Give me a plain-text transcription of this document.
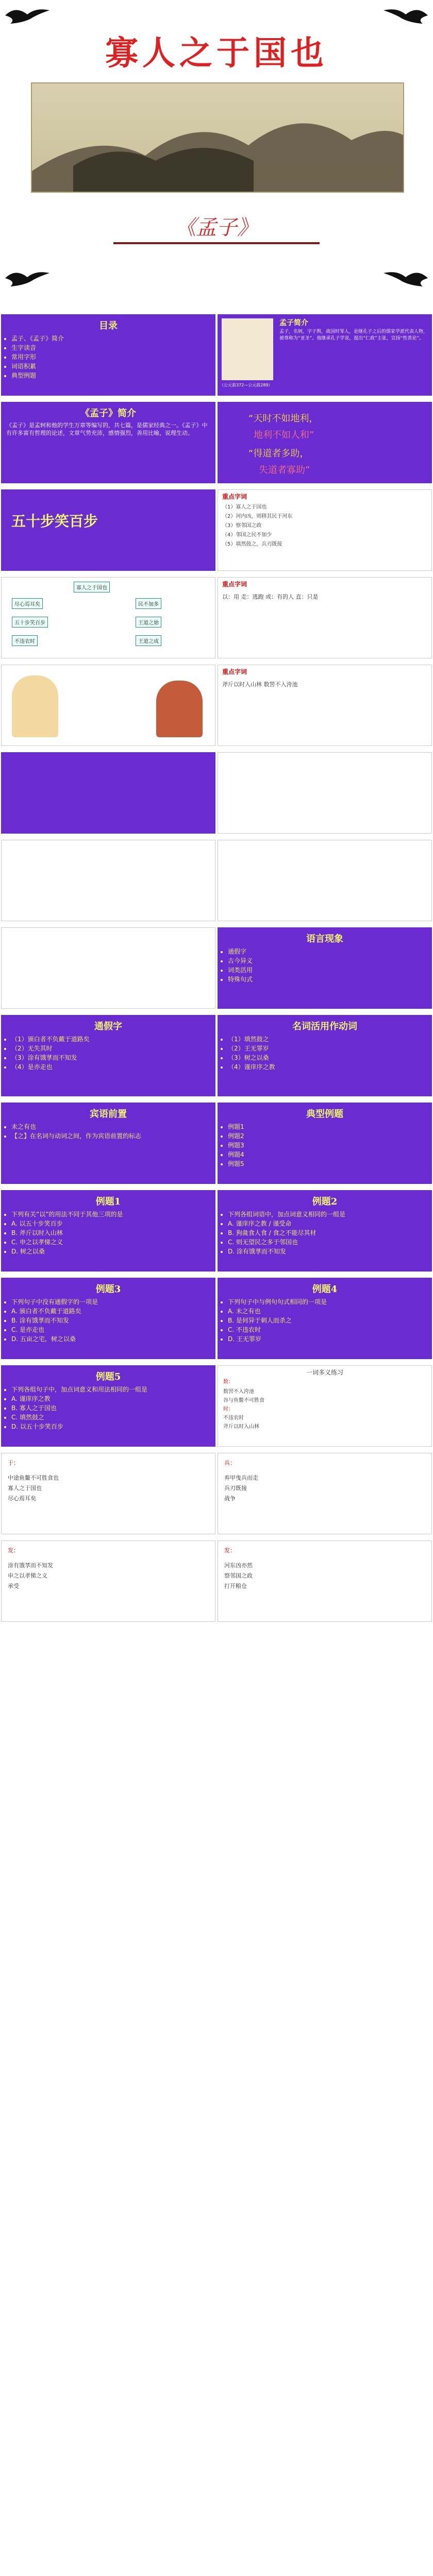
寡人之于国也
《孟子》
目录
• 孟子、《孟子》简介
• 生字读音
• 常用字形
• 词语积累
• 典型例题
（公元前372—公元前289）
孟子简介
孟子，名轲，字子舆，战国时邹人，是继孔子之后的儒家学派代表人物，被尊称为“亚圣”。他继承孔子学说，提出“仁政”主张，宣扬“性善论”。
《孟子》简介
《孟子》是孟轲和他的学生万章等编写的，共七篇，是儒家经典之一。《孟子》中有许多富有哲理的论述，文章气势充沛，感情强烈，善用比喻，说理生动。
“天时不如地利，
地利不如人和”
“得道者多助，
失道者寡助”
五十步笑百步
重点字词
（1）寡人之于国也
（2）河内凶，则移其民于河东
（3）察邻国之政
（4）邻国之民不加少
（5）填然鼓之，兵刃既接
寡人之于国也
尽心焉耳矣	民不加多
五十步笑百步	王道之始
不违农时	王道之成
重点字词
以：用 走：逃跑 或：有的人 直：只是
重点字词
斧斤以时入山林 数罟不入洿池
语言现象
• 通假字
• 古今异义
• 词类活用
• 特殊句式
通假字
• （1）颁白者不负戴于道路矣
• （2）无失其时
• （3）涂有饿莩而不知发
• （4）是亦走也
名词活用作动词
• （1）填然鼓之
• （2）王无罪岁
• （3）树之以桑
• （4）谨庠序之教
宾语前置
• 未之有也
• 【之】在名词与动词之间，作为宾语前置的标志
典型例题
• 例题1
• 例题2
• 例题3
• 例题4
• 例题5
例题1
• 下列有关“以”的用法不同于其他三项的是
• A. 以五十步笑百步
• B. 斧斤以时入山林
• C. 申之以孝悌之义
• D. 树之以桑
例题2
• 下列各组词语中，加点词意义相同的一组是
• A. 谨庠序之教 / 谨受命
• B. 狗彘食人食 / 食之不能尽其材
• C. 则无望民之多于邻国也
• D. 涂有饿莩而不知发
例题3
• 下列句子中没有通假字的一项是
• A. 颁白者不负戴于道路矣
• B. 涂有饿莩而不知发
• C. 是亦走也
• D. 五亩之宅，树之以桑
例题4
• 下列句子中与例句句式相同的一项是
• A. 未之有也
• B. 是何异于刺人而杀之
• C. 不违农时
• D. 王无罪岁
例题5
• 下列各组句子中，加点词意义和用法相同的一组是
• A. 谨庠序之教
• B. 寡人之于国也
• C. 填然鼓之
• D. 以五十步笑百步
一词多义练习
数：
数罟不入洿池
谷与鱼鳖不可胜食
时：
不违农时
斧斤以时入山林
于：
中途鱼鳖不可胜食也
寡人之于国也
尽心焉耳矣
兵：
弃甲曳兵而走
兵刃既接
战争
发：
涂有饿莩而不知发
申之以孝悌之义
承受
发：
河东凶亦然
察邻国之政
打开粮仓
